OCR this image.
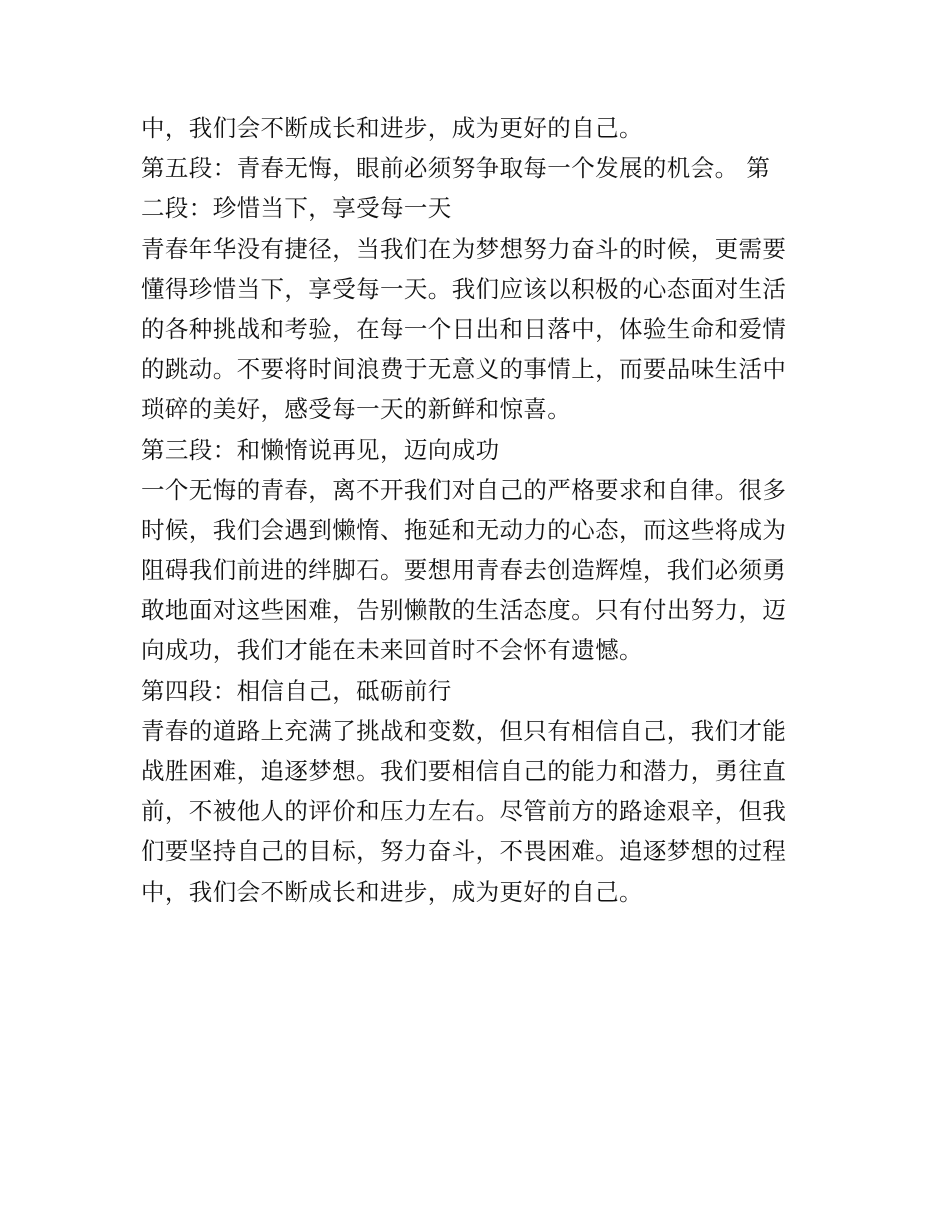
中，我们会不断成长和进步，成为更好的自己。
第五段：青春无悔，眼前必须努争取每一个发展的机会。 第
二段：珍惜当下，享受每一天
青春年华没有捷径，当我们在为梦想努力奋斗的时候，更需要
懂得珍惜当下，享受每一天。我们应该以积极的心态面对生活
的各种挑战和考验，在每一个日出和日落中，体验生命和爱情
的跳动。不要将时间浪费于无意义的事情上，而要品味生活中
琐碎的美好，感受每一天的新鲜和惊喜。
第三段：和懒惰说再见，迈向成功
一个无悔的青春，离不开我们对自己的严格要求和自律。很多
时候，我们会遇到懒惰、拖延和无动力的心态，而这些将成为
阻碍我们前进的绊脚石。要想用青春去创造辉煌，我们必须勇
敢地面对这些困难，告别懒散的生活态度。只有付出努力，迈
向成功，我们才能在未来回首时不会怀有遗憾。
第四段：相信自己，砥砺前行
青春的道路上充满了挑战和变数，但只有相信自己，我们才能
战胜困难，追逐梦想。我们要相信自己的能力和潜力，勇往直
前，不被他人的评价和压力左右。尽管前方的路途艰辛，但我
们要坚持自己的目标，努力奋斗，不畏困难。追逐梦想的过程
中，我们会不断成长和进步，成为更好的自己。
